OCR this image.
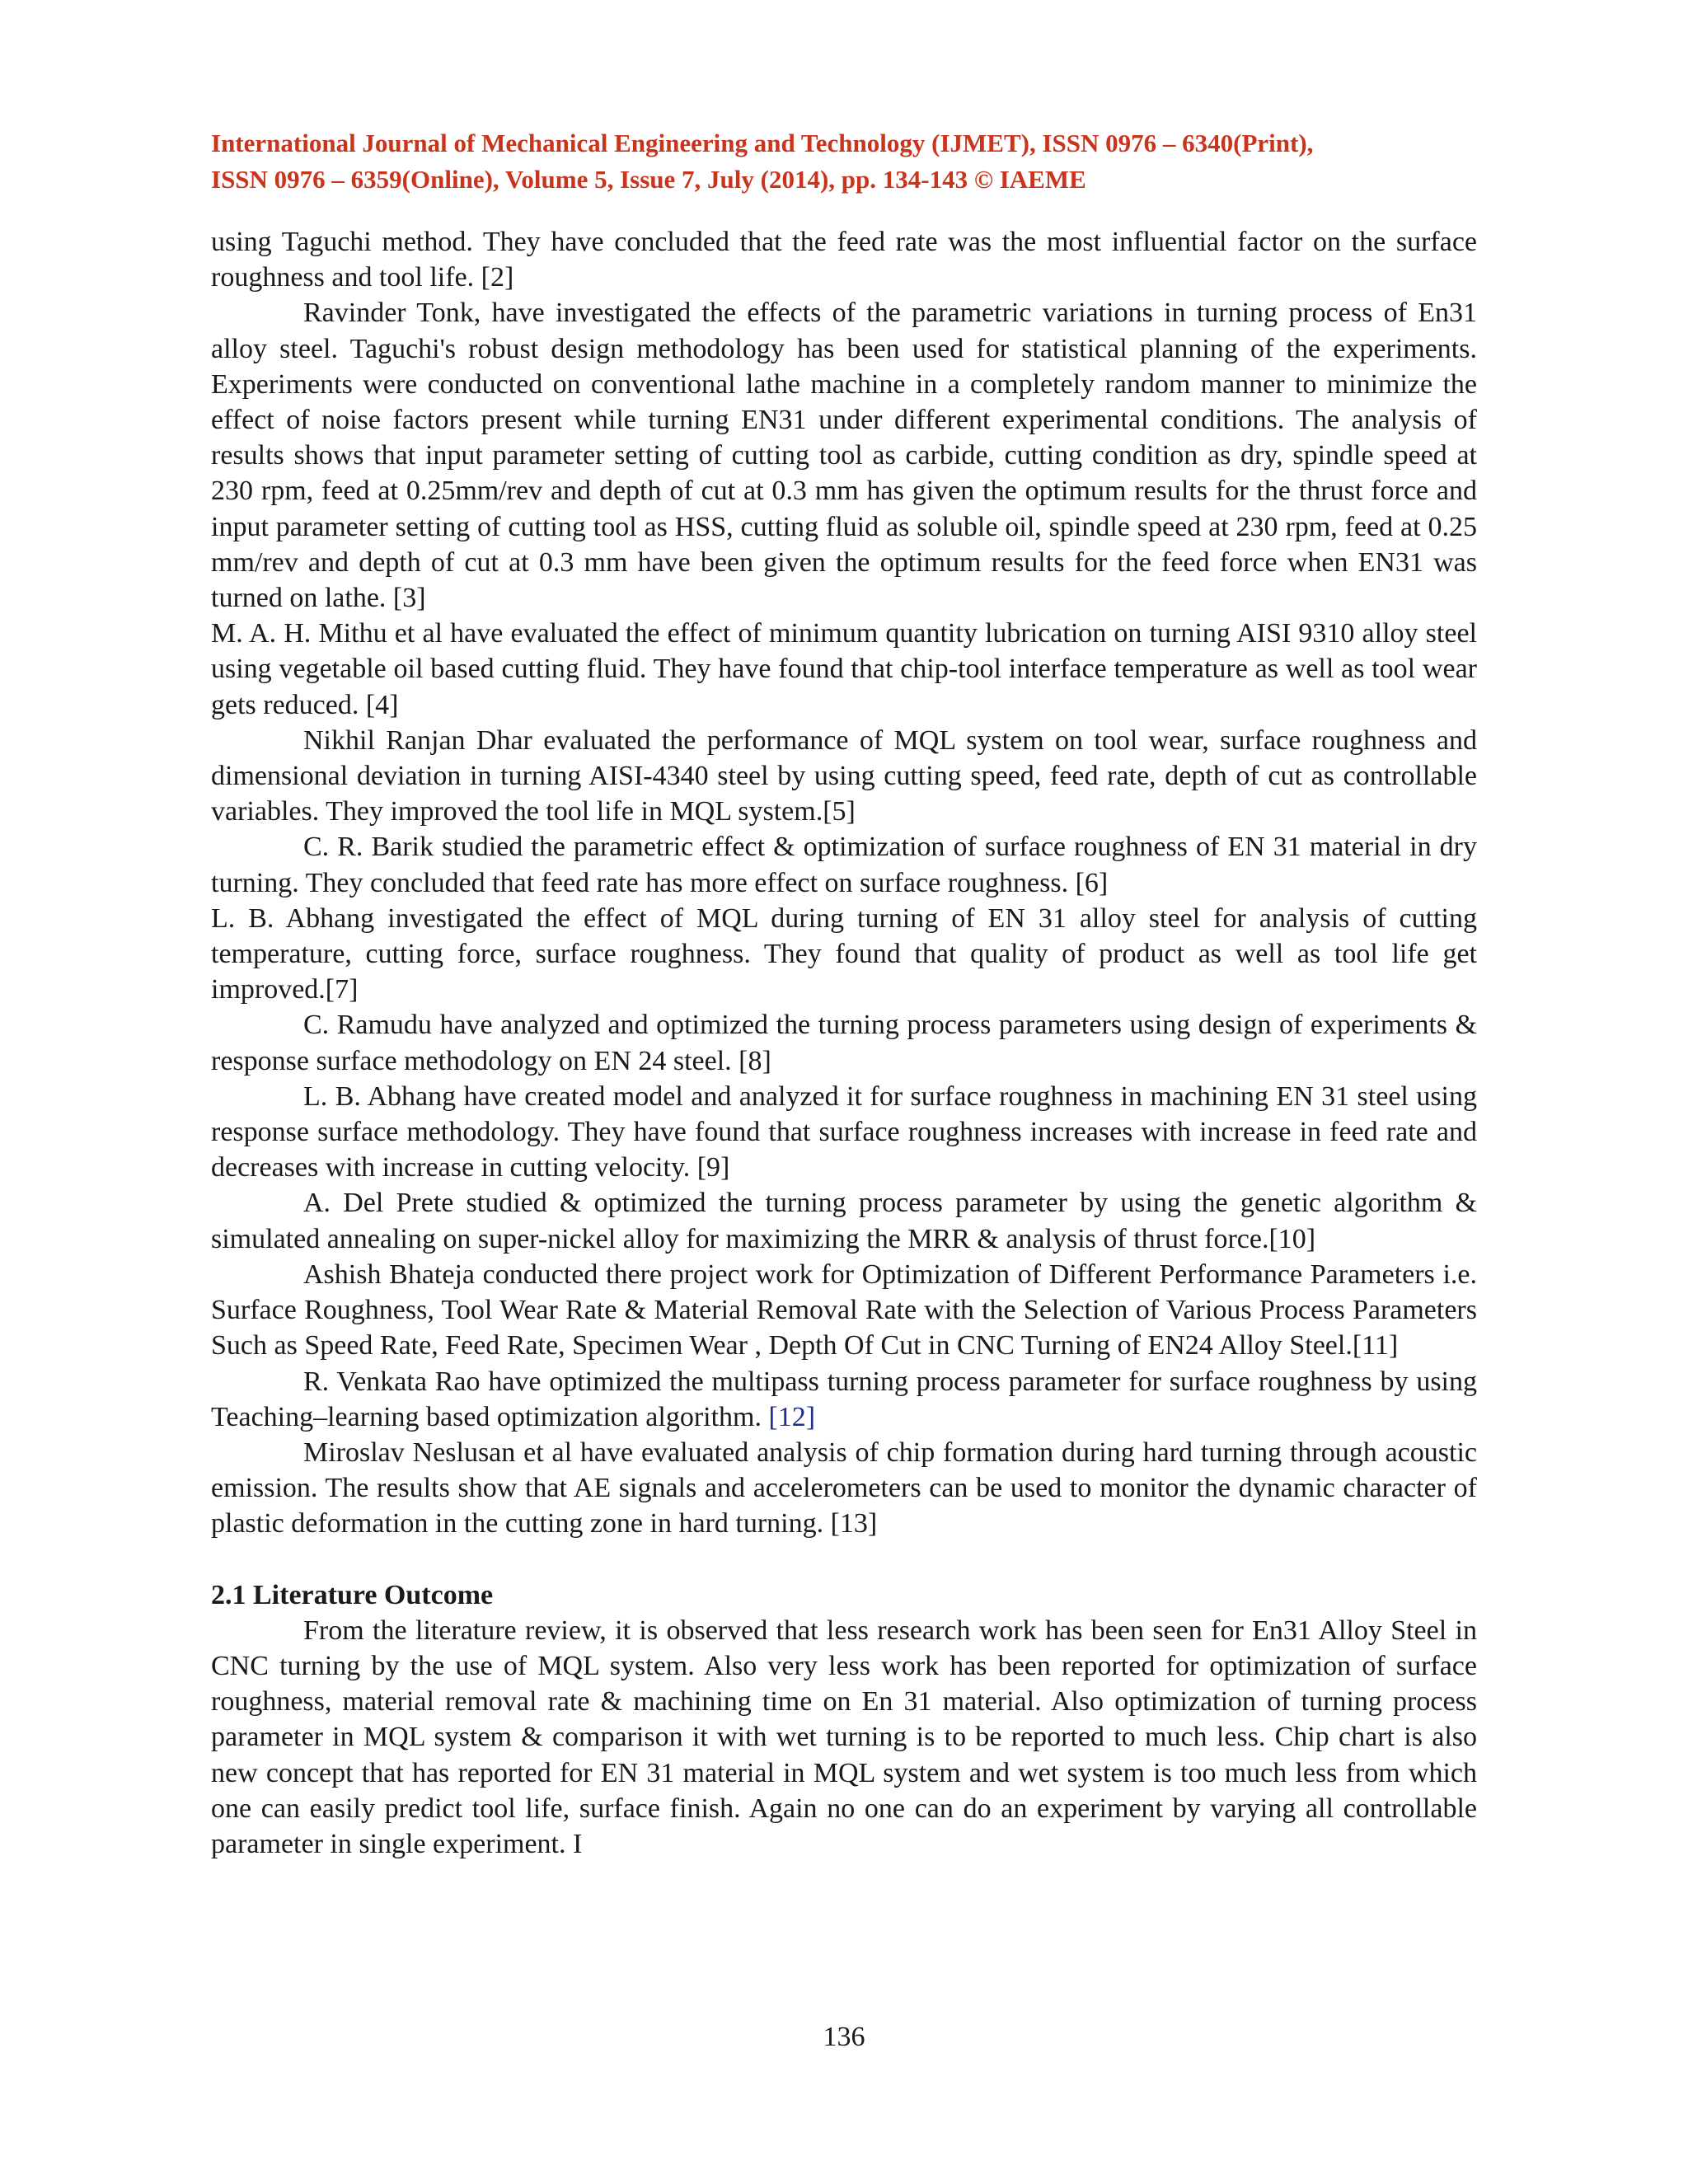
International Journal of Mechanical Engineering and Technology (IJMET), ISSN 0976 – 6340(Print),
ISSN 0976 – 6359(Online), Volume 5, Issue 7, July (2014), pp. 134-143 © IAEME

using Taguchi method. They have concluded that the feed rate was the most influential factor on the surface roughness and tool life. [2]

Ravinder Tonk, have investigated the effects of the parametric variations in turning process of En31 alloy steel. Taguchi's robust design methodology has been used for statistical planning of the experiments. Experiments were conducted on conventional lathe machine in a completely random manner to minimize the effect of noise factors present while turning EN31 under different experimental conditions. The analysis of results shows that input parameter setting of cutting tool as carbide, cutting condition as dry, spindle speed at 230 rpm, feed at 0.25mm/rev and depth of cut at 0.3 mm has given the optimum results for the thrust force and input parameter setting of cutting tool as HSS, cutting fluid as soluble oil, spindle speed at 230 rpm, feed at 0.25 mm/rev and depth of cut at 0.3 mm have been given the optimum results for the feed force when EN31 was turned on lathe. [3]

M. A. H. Mithu et al have evaluated the effect of minimum quantity lubrication on turning AISI 9310 alloy steel using vegetable oil based cutting fluid. They have found that chip-tool interface temperature as well as tool wear gets reduced. [4]

Nikhil Ranjan Dhar evaluated the performance of MQL system on tool wear, surface roughness and dimensional deviation in turning AISI-4340 steel by using cutting speed, feed rate, depth of cut as controllable variables. They improved the tool life in MQL system.[5]

C. R. Barik studied the parametric effect & optimization of surface roughness of EN 31 material in dry turning. They concluded that feed rate has more effect on surface roughness. [6]

L. B. Abhang investigated the effect of MQL during turning of EN 31 alloy steel for analysis of cutting temperature, cutting force, surface roughness. They found that quality of product as well as tool life get improved.[7]

C. Ramudu have analyzed and optimized the turning process parameters using design of experiments & response surface methodology on EN 24 steel. [8]

L. B. Abhang have created model and analyzed it for surface roughness in machining EN 31 steel using response surface methodology. They have found that surface roughness increases with increase in feed rate and decreases with increase in cutting velocity. [9]

A. Del Prete studied & optimized the turning process parameter by using the genetic algorithm & simulated annealing on super-nickel alloy for maximizing the MRR & analysis of thrust force.[10]

Ashish Bhateja conducted there project work for Optimization of Different Performance Parameters i.e. Surface Roughness, Tool Wear Rate & Material Removal Rate with the Selection of Various Process Parameters Such as Speed Rate, Feed Rate, Specimen Wear , Depth Of Cut in CNC Turning of EN24 Alloy Steel.[11]

R. Venkata Rao have optimized the multipass turning process parameter for surface roughness by using Teaching–learning based optimization algorithm. [12]

Miroslav Neslusan et al have evaluated analysis of chip formation during hard turning through acoustic emission. The results show that AE signals and accelerometers can be used to monitor the dynamic character of plastic deformation in the cutting zone in hard turning. [13]

2.1 Literature Outcome

From the literature review, it is observed that less research work has been seen for En31 Alloy Steel in CNC turning by the use of MQL system. Also very less work has been reported for optimization of surface roughness, material removal rate & machining time on En 31 material. Also optimization of turning process parameter in MQL system & comparison it with wet turning is to be reported to much less. Chip chart is also new concept that has reported for EN 31 material in MQL system and wet system is too much less from which one can easily predict tool life, surface finish. Again no one can do an experiment by varying all controllable parameter in single experiment. I

136
